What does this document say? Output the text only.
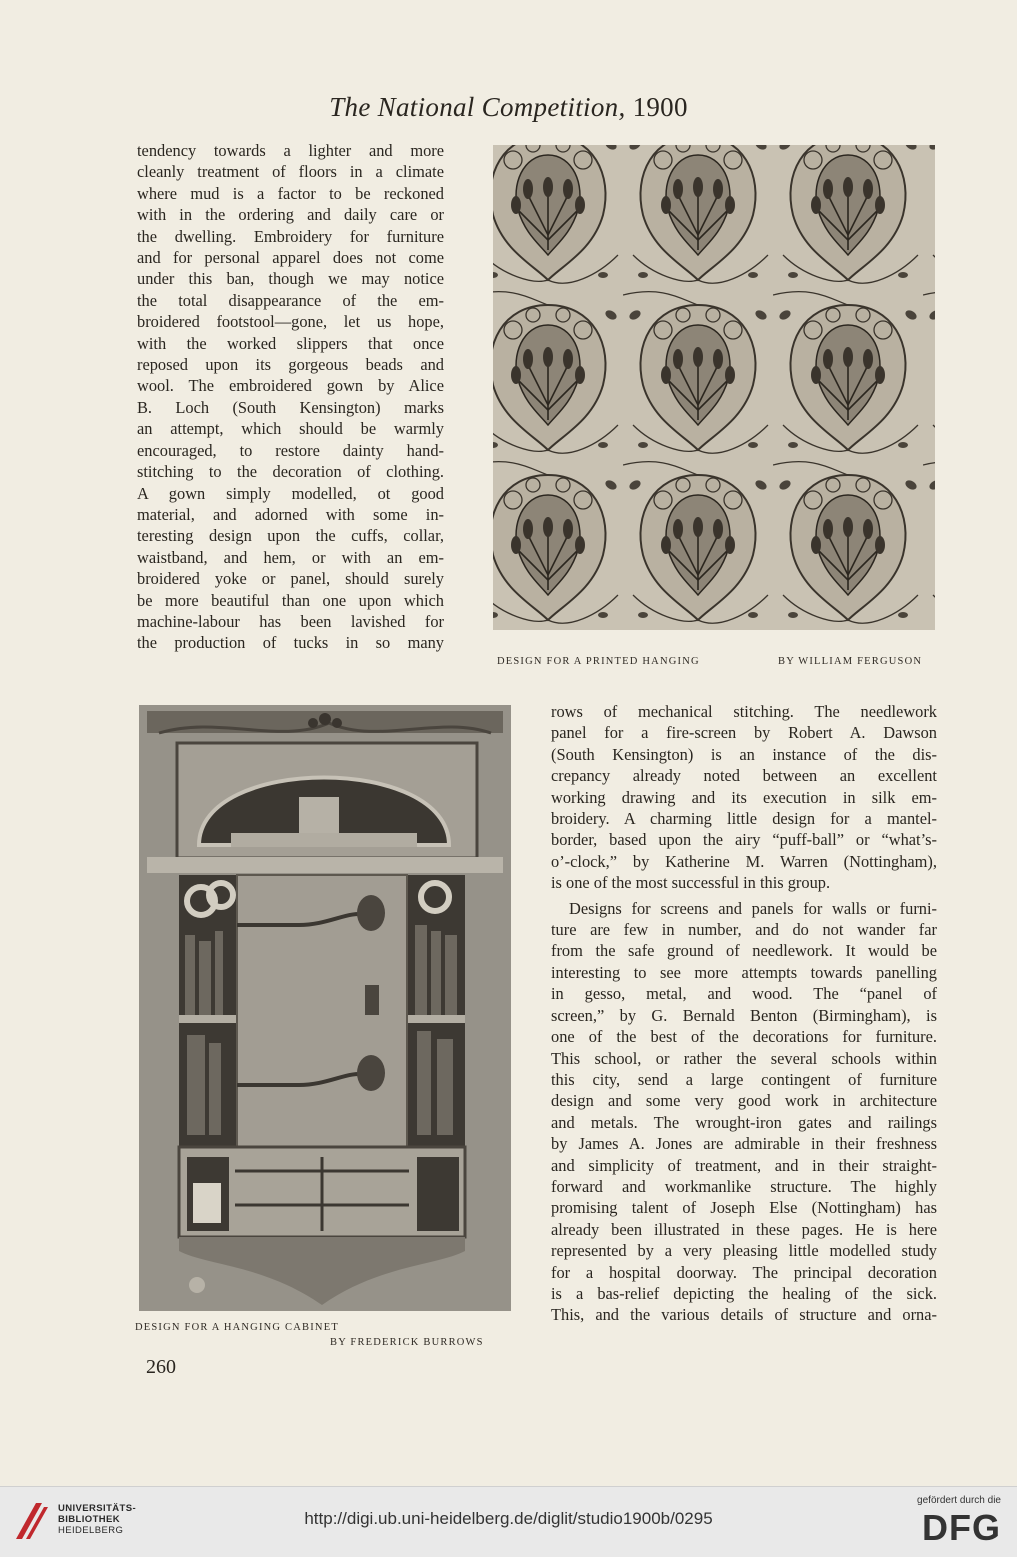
The National Competition, 1900
tendency towards a lighter and more
cleanly treatment of floors in a climate
where mud is a factor to be reckoned
with in the ordering and daily care or
the dwelling. Embroidery for furniture
and for personal apparel does not come
under this ban, though we may notice
the total disappearance of the em-
broidered footstool—gone, let us hope,
with the worked slippers that once
reposed upon its gorgeous beads and
wool. The embroidered gown by Alice
B. Loch (South Kensington) marks
an attempt, which should be warmly
encouraged, to restore dainty hand-
stitching to the decoration of clothing.
A gown simply modelled, ot good
material, and adorned with some in-
teresting design upon the cuffs, collar,
waistband, and hem, or with an em-
broidered yoke or panel, should surely
be more beautiful than one upon which
machine-labour has been lavished for
the production of tucks in so many
DESIGN FOR A PRINTED HANGING	BY WILLIAM FERGUSON
DESIGN FOR A HANGING CABINET
BY FREDERICK BURROWS
rows of mechanical stitching. The needlework
panel for a fire-screen by Robert A. Dawson
(South Kensington) is an instance of the dis-
crepancy already noted between an excellent
working drawing and its execution in silk em-
broidery. A charming little design for a mantel-
border, based upon the airy “puff-ball” or “what’s-
o’-clock,” by Katherine M. Warren (Nottingham),
is one of the most successful in this group.
Designs for screens and panels for walls or furni-
ture are few in number, and do not wander far
from the safe ground of needlework. It would be
interesting to see more attempts towards panelling
in gesso, metal, and wood. The “panel of
screen,” by G. Bernald Benton (Birmingham), is
one of the best of the decorations for furniture.
This school, or rather the several schools within
this city, send a large contingent of furniture
design and some very good work in architecture
and metals. The wrought-iron gates and railings
by James A. Jones are admirable in their freshness
and simplicity of treatment, and in their straight-
forward and workmanlike structure. The highly
promising talent of Joseph Else (Nottingham) has
already been illustrated in these pages. He is here
represented by a very pleasing little modelled study
for a hospital doorway. The principal decoration
is a bas-relief depicting the healing of the sick.
This, and the various details of structure and orna-
260
UNIVERSITÄTS-
BIBLIOTHEK
HEIDELBERG
http://digi.ub.uni-heidelberg.de/diglit/studio1900b/0295
gefördert durch die
DFG
